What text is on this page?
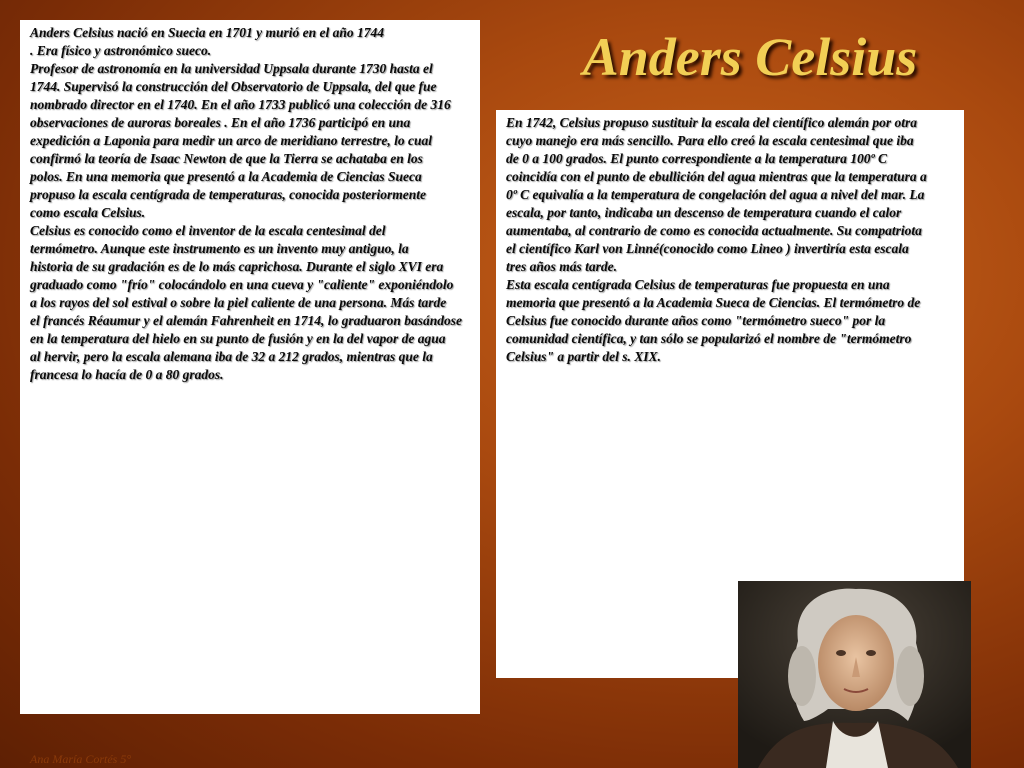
Anders Celsius

Anders Celsius nació en Suecia en 1701 y murió en el año 1744

. Era físico y astronómico sueco.

Profesor de astronomía en la universidad Uppsala durante 1730 hasta el

1744. Supervisó la construcción del Observatorio de Uppsala, del que fue

nombrado director en el 1740. En el año 1733 publicó una colección de 316

observaciones de auroras boreales . En el año 1736 participó en una

expedición a Laponia para medir un arco de meridiano terrestre, lo cual

confirmó la teoría de Isaac Newton de que la Tierra se achataba en los

polos. En una memoria que presentó a la Academia de Ciencias Sueca

propuso la escala centígrada de temperaturas, conocida posteriormente

como escala Celsius.

Celsius es conocido como el inventor de la escala centesimal del

termómetro. Aunque este instrumento es un invento muy antiguo, la

historia de su gradación es de lo más caprichosa. Durante el siglo XVI era

graduado como "frío" colocándolo en una cueva y "caliente" exponiéndolo

a los rayos del sol estival o sobre la piel caliente de una persona. Más tarde

el francés Réaumur y el alemán Fahrenheit en 1714, lo graduaron basándose

en la temperatura del hielo en su punto de fusión y en la del vapor de agua

al hervir, pero la escala alemana iba de 32 a 212 grados, mientras que la

francesa lo hacía de 0 a 80 grados.

En 1742, Celsius propuso sustituir la escala del científico alemán por otra

cuyo manejo era más sencillo. Para ello creó la escala centesimal que iba

de 0 a 100 grados. El punto correspondiente a la temperatura 100º C

coincidía con el punto de ebullición del agua mientras que la temperatura a

0º C equivalía a la temperatura de congelación del agua a nivel del mar. La

escala, por tanto, indicaba un descenso de temperatura cuando el calor

aumentaba, al contrario de como es conocida actualmente. Su compatriota

el científico Karl von Linné(conocido como Lineo ) invertiría esta escala

tres años más tarde.

Esta escala centígrada Celsius de temperaturas fue propuesta en una

memoria que presentó a la Academia Sueca de Ciencias. El termómetro de

Celsius fue conocido durante años como "termómetro sueco" por la

comunidad científica, y tan sólo se popularizó el nombre de "termómetro

Celsius" a partir del s. XIX.

Ana María Cortés 5°
